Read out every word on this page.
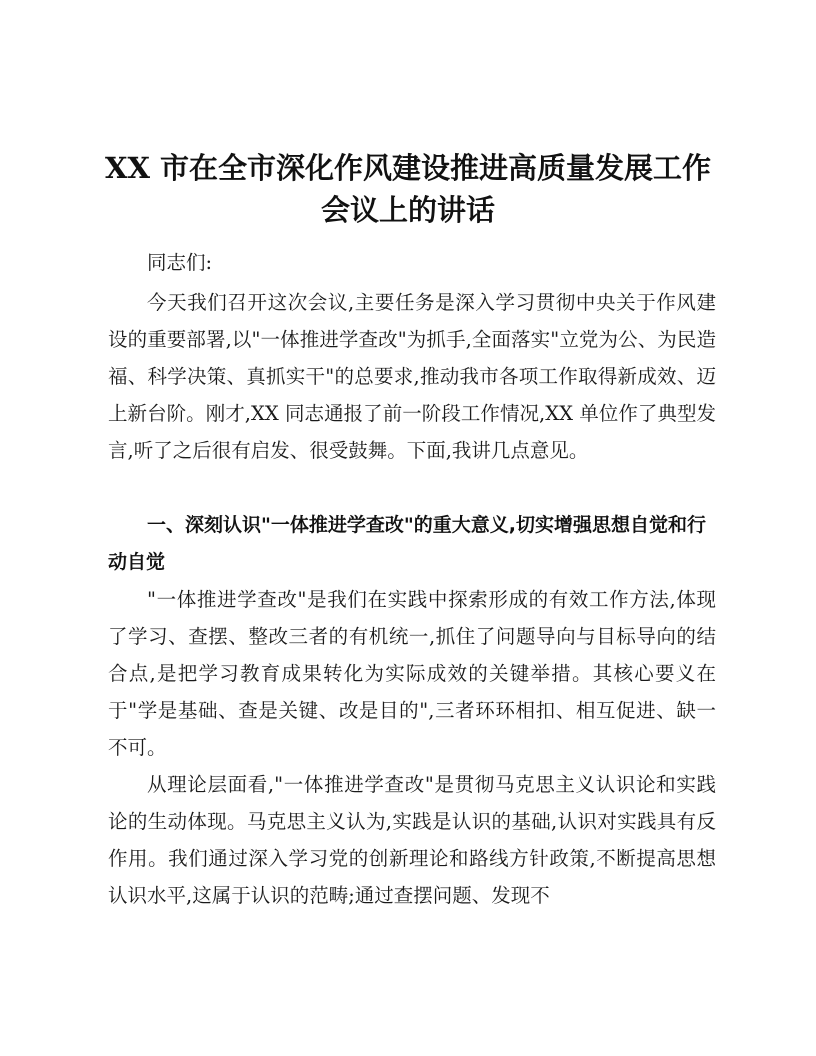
XX 市在全市深化作风建设推进高质量发展工作
会议上的讲话

同志们:

今天我们召开这次会议,主要任务是深入学习贯彻中央关于作风建设的重要部署,以"一体推进学查改"为抓手,全面落实"立党为公、为民造福、科学决策、真抓实干"的总要求,推动我市各项工作取得新成效、迈上新台阶。刚才,XX 同志通报了前一阶段工作情况,XX 单位作了典型发言,听了之后很有启发、很受鼓舞。下面,我讲几点意见。

一、深刻认识"一体推进学查改"的重大意义,切实增强思想自觉和行动自觉

"一体推进学查改"是我们在实践中探索形成的有效工作方法,体现了学习、查摆、整改三者的有机统一,抓住了问题导向与目标导向的结合点,是把学习教育成果转化为实际成效的关键举措。其核心要义在于"学是基础、查是关键、改是目的",三者环环相扣、相互促进、缺一不可。

从理论层面看,"一体推进学查改"是贯彻马克思主义认识论和实践论的生动体现。马克思主义认为,实践是认识的基础,认识对实践具有反作用。我们通过深入学习党的创新理论和路线方针政策,不断提高思想认识水平,这属于认识的范畴;通过查摆问题、发现不
